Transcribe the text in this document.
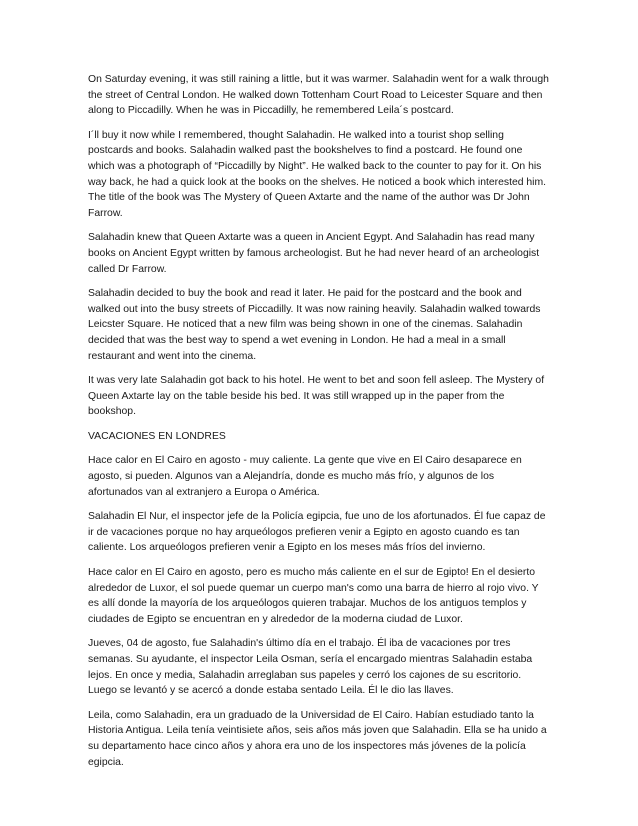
On Saturday evening, it was still raining a little, but it was warmer. Salahadin went for a walk through the street of Central London. He walked down Tottenham Court Road to Leicester Square and then along to Piccadilly. When he was in Piccadilly, he remembered Leila´s postcard.

I´ll buy it now while I remembered, thought Salahadin. He walked into a tourist shop selling postcards and books. Salahadin walked past the bookshelves to find a postcard. He found one which was a photograph of “Piccadilly by Night”. He walked back to the counter to pay for it. On his way back, he had a quick look at the books on the shelves. He noticed a book which interested him. The title of the book was The Mystery of Queen Axtarte and the name of the author was Dr John Farrow.

Salahadin knew that Queen Axtarte was a queen in Ancient Egypt. And Salahadin has read many books on Ancient Egypt written by famous archeologist. But he had never heard of an archeologist called Dr Farrow.

Salahadin decided to buy the book and read it later. He paid for the postcard and the book and walked out into the busy streets of Piccadilly. It was now raining heavily. Salahadin walked towards Leicster Square. He noticed that a new film was being shown in one of the cinemas. Salahadin decided that was the best way to spend a wet evening in London. He had a meal in a small restaurant and went into the cinema.

It was very late Salahadin got back to his hotel. He went to bet and soon fell asleep. The Mystery of Queen Axtarte lay on the table beside his bed. It was still wrapped up in the paper from the bookshop.

VACACIONES EN LONDRES

Hace calor en El Cairo en agosto - muy caliente. La gente que vive en El Cairo desaparece en agosto, si pueden. Algunos van a Alejandría, donde es mucho más frío, y algunos de los afortunados van al extranjero a Europa o América.

Salahadin El Nur, el inspector jefe de la Policía egipcia, fue uno de los afortunados. Él fue capaz de ir de vacaciones porque no hay arqueólogos prefieren venir a Egipto en agosto cuando es tan caliente. Los arqueólogos prefieren venir a Egipto en los meses más fríos del invierno.

Hace calor en El Cairo en agosto, pero es mucho más caliente en el sur de Egipto! En el desierto alrededor de Luxor, el sol puede quemar un cuerpo man's como una barra de hierro al rojo vivo. Y es allí donde la mayoría de los arqueólogos quieren trabajar. Muchos de los antiguos templos y ciudades de Egipto se encuentran en y alrededor de la moderna ciudad de Luxor.

Jueves, 04 de agosto, fue Salahadin's último día en el trabajo. Él iba de vacaciones por tres semanas. Su ayudante, el inspector Leila Osman, sería el encargado mientras Salahadin estaba lejos. En once y media, Salahadin arreglaban sus papeles y cerró los cajones de su escritorio. Luego se levantó y se acercó a donde estaba sentado Leila. Él le dio las llaves.

Leila, como Salahadin, era un graduado de la Universidad de El Cairo. Habían estudiado tanto la Historia Antigua. Leila tenía veintisiete años, seis años más joven que Salahadin. Ella se ha unido a su departamento hace cinco años y ahora era uno de los inspectores más jóvenes de la policía egipcia.
